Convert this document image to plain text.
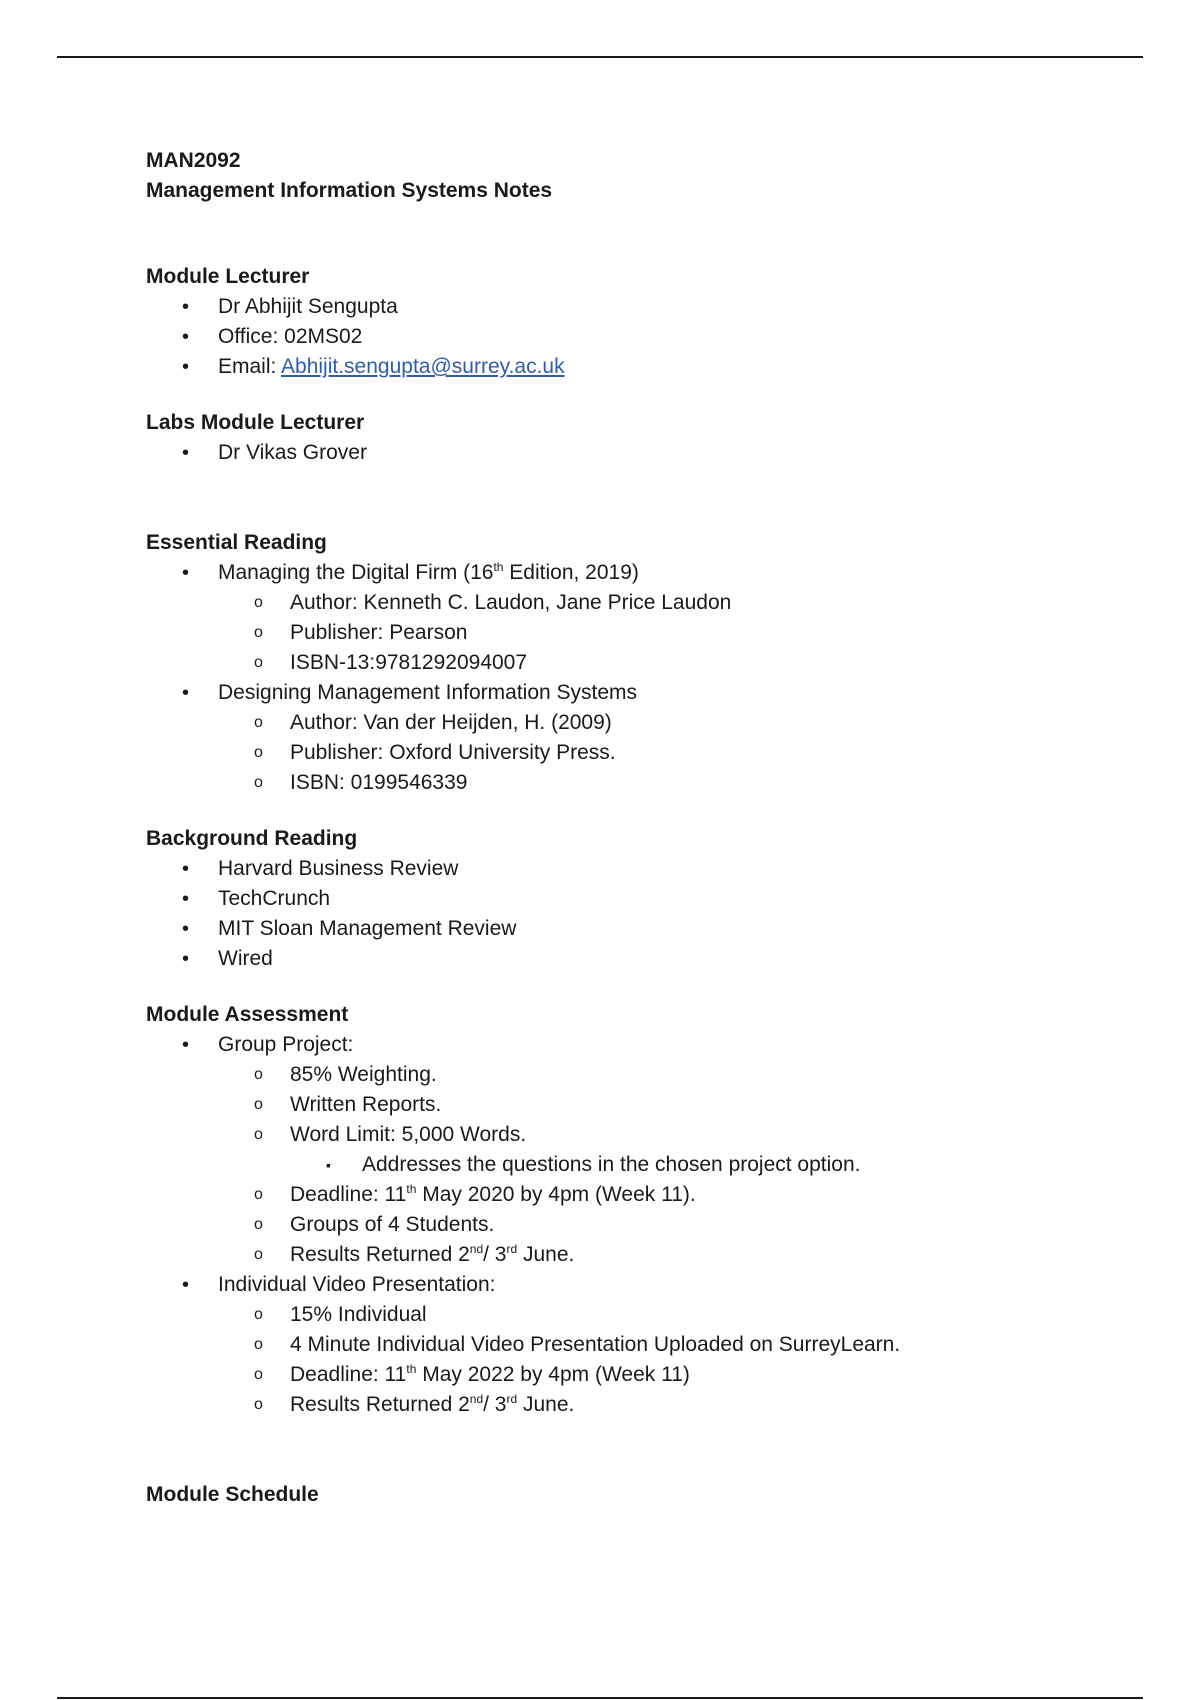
MAN2092

Management Information Systems Notes

Module Lecturer

• Dr Abhijit Sengupta
• Office: 02MS02
• Email: Abhijit.sengupta@surrey.ac.uk

Labs Module Lecturer

• Dr Vikas Grover

Essential Reading

• Managing the Digital Firm (16th Edition, 2019)
o Author: Kenneth C. Laudon, Jane Price Laudon
o Publisher: Pearson
o ISBN-13:9781292094007
• Designing Management Information Systems
o Author: Van der Heijden, H. (2009)
o Publisher: Oxford University Press.
o ISBN: 0199546339

Background Reading

• Harvard Business Review
• TechCrunch
• MIT Sloan Management Review
• Wired

Module Assessment

• Group Project:
o 85% Weighting.
o Written Reports.
o Word Limit: 5,000 Words.
▪ Addresses the questions in the chosen project option.
o Deadline: 11th May 2020 by 4pm (Week 11).
o Groups of 4 Students.
o Results Returned 2nd/ 3rd June.
• Individual Video Presentation:
o 15% Individual
o 4 Minute Individual Video Presentation Uploaded on SurreyLearn.
o Deadline: 11th May 2022 by 4pm (Week 11)
o Results Returned 2nd/ 3rd June.

Module Schedule
